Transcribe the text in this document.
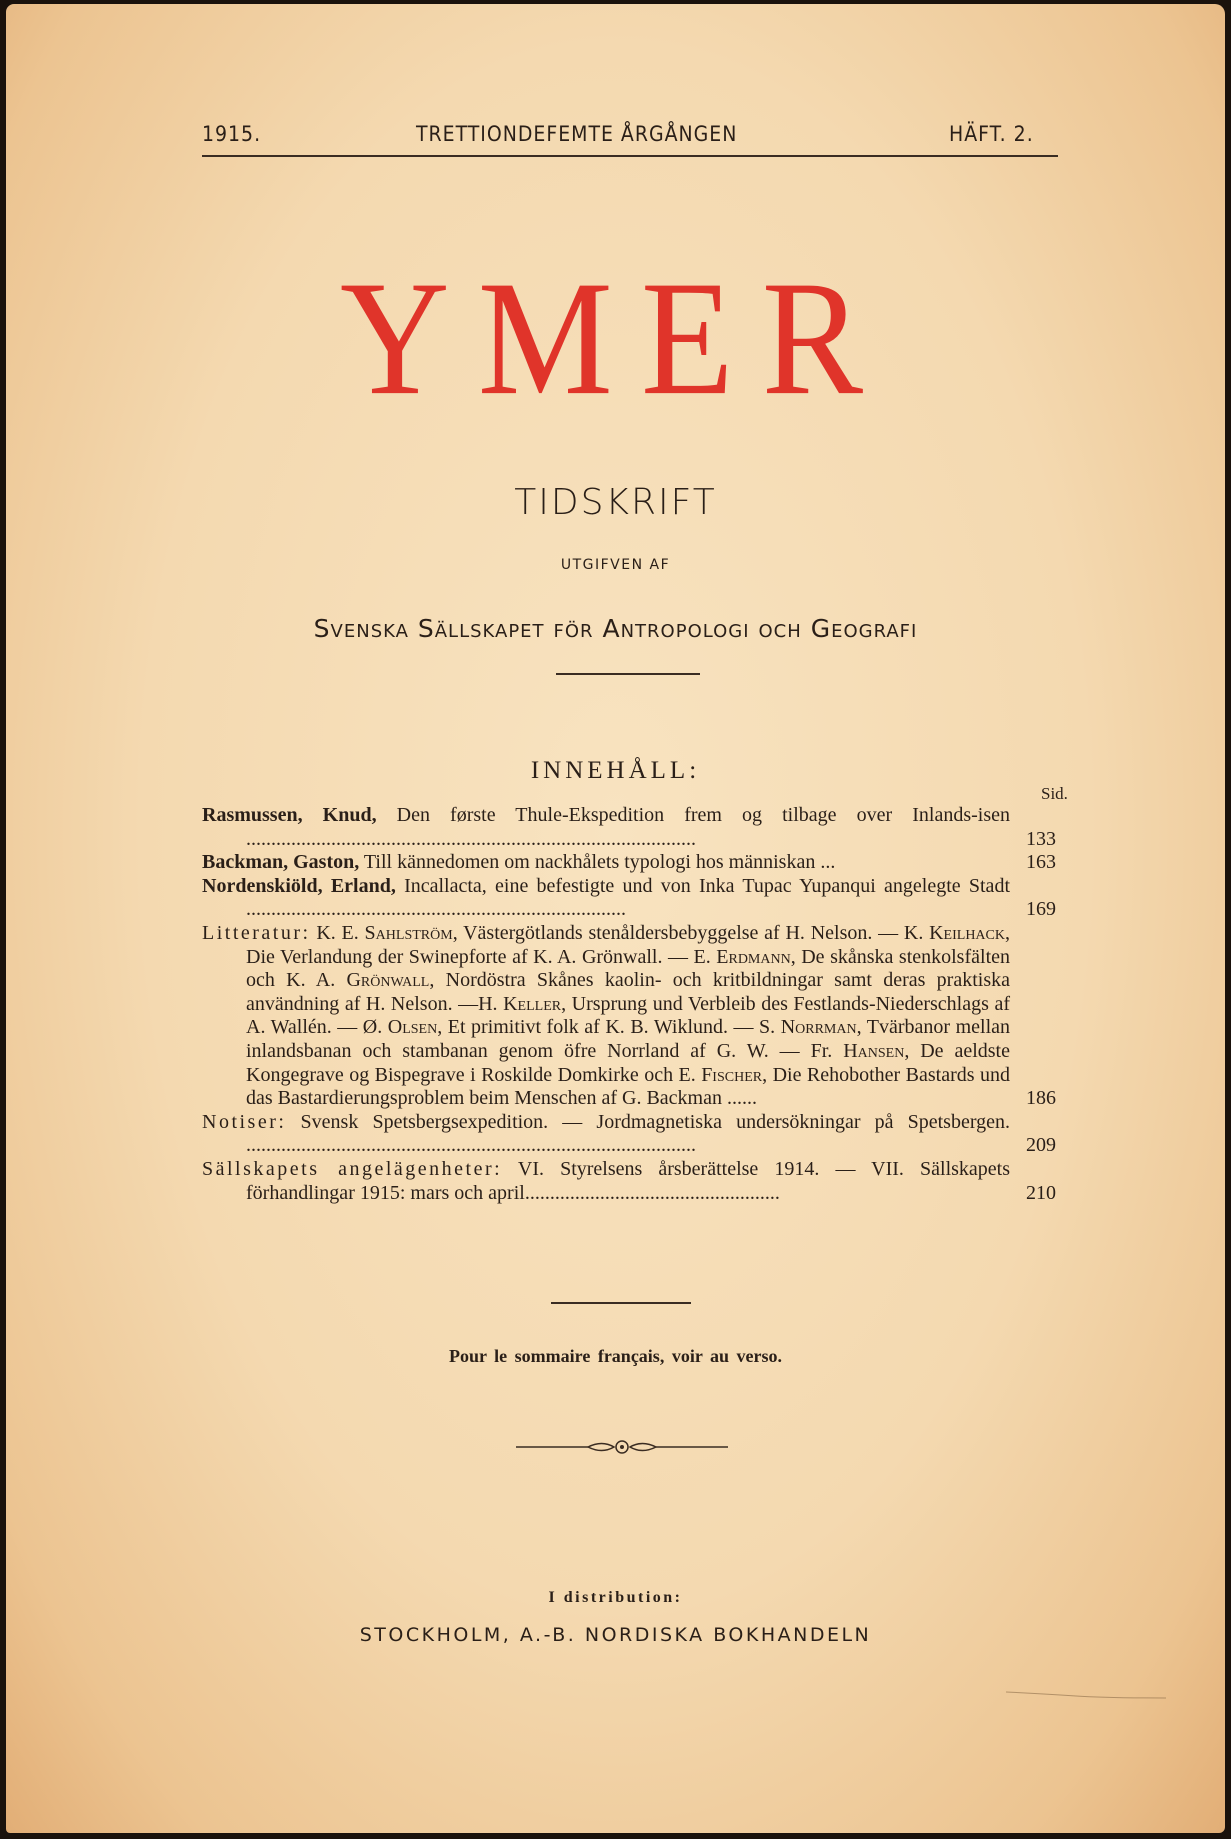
1915.	TRETTIONDEFEMTE ÅRGÅNGEN	HÄFT. 2.
YMER
TIDSKRIFT
UTGIFVEN AF
Svenska Sällskapet för Antropologi och Geografi
INNEHÅLL:
Sid.
Rasmussen, Knud, Den første Thule-Ekspedition frem og tilbage over Inlands-isen ..........................................................................................	133
Backman, Gaston, Till kännedomen om nackhålets typologi hos människan ...	163
Nordenskiöld, Erland, Incallacta, eine befestigte und von Inka Tupac Yupanqui angelegte Stadt ............................................................................	169
Litteratur: K. E. Sahlström, Västergötlands stenåldersbebyggelse af H. Nelson. — K. Keilhack, Die Verlandung der Swinepforte af K. A. Grönwall. — E. Erdmann, De skånska stenkolsfälten och K. A. Grönwall, Nordöstra Skånes kaolin- och kritbildningar samt deras praktiska användning af H. Nelson. —H. Keller, Ursprung und Verbleib des Festlands-Niederschlags af A. Wallén. — Ø. Olsen, Et primitivt folk af K. B. Wiklund. — S. Norrman, Tvärbanor mellan inlandsbanan och stambanan genom öfre Norrland af G. W. — Fr. Hansen, De aeldste Kongegrave og Bispegrave i Roskilde Domkirke och E. Fischer, Die Rehobother Bastards und das Bastardierungsproblem beim Menschen af G. Backman ......	186
Notiser: Svensk Spetsbergsexpedition. — Jordmagnetiska undersökningar på Spetsbergen. ..........................................................................................	209
Sällskapets angelägenheter: VI. Styrelsens årsberättelse 1914. — VII. Sällskapets förhandlingar 1915: mars och april...................................................	210
Pour le sommaire français, voir au verso.
I distribution:
STOCKHOLM, A.-B. NORDISKA BOKHANDELN
